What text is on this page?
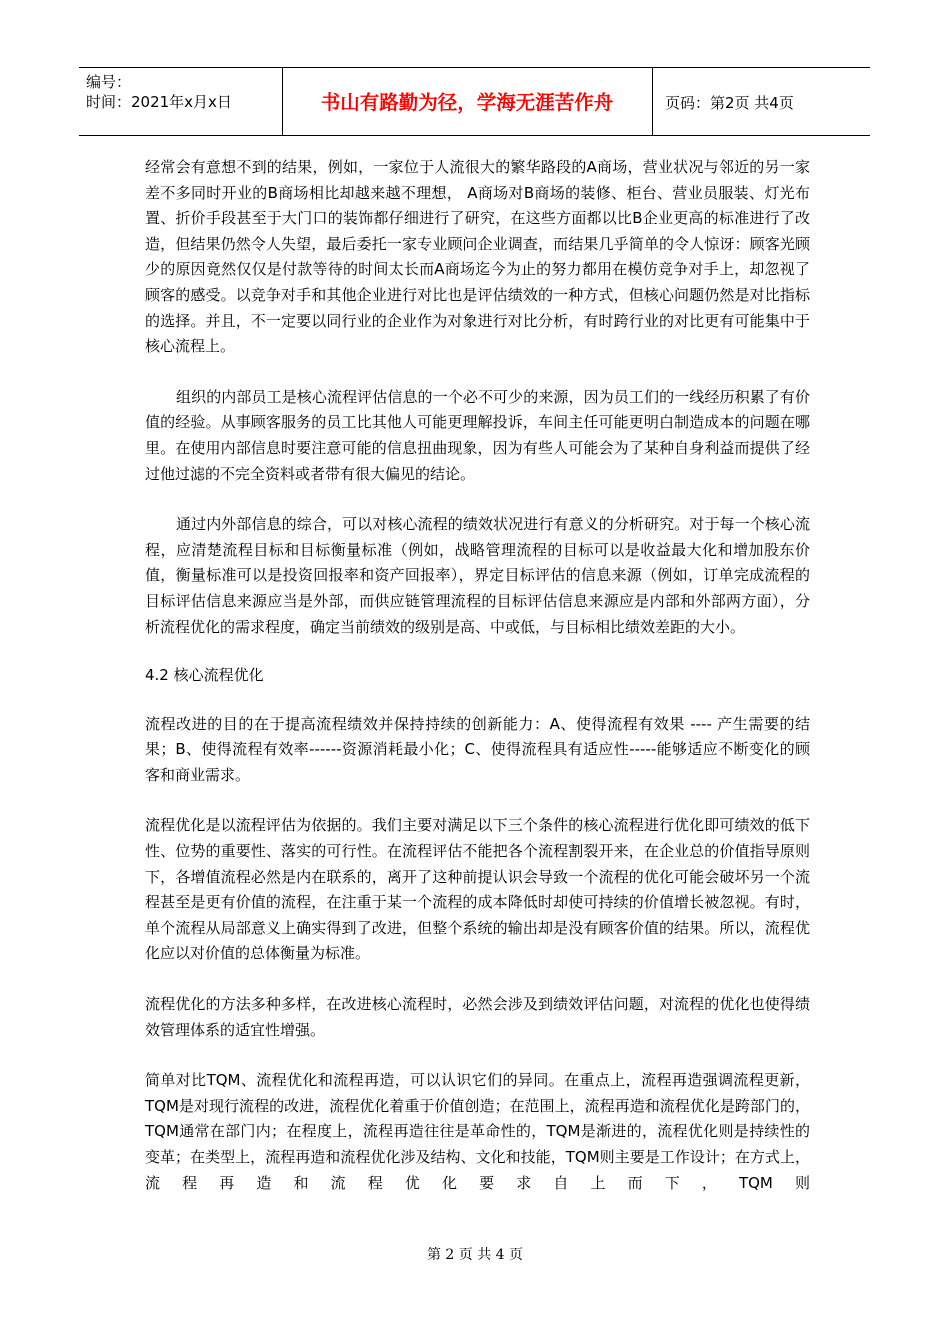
编号：
时间：2021年x月x日	书山有路勤为径，学海无涯苦作舟	页码：第2页 共4页

经常会有意想不到的结果，例如，一家位于人流很大的繁华路段的A商场，营业状况与邻近的另一家差不多同时开业的B商场相比却越来越不理想， A商场对B商场的装修、柜台、营业员服装、灯光布置、折价手段甚至于大门口的装饰都仔细进行了研究，在这些方面都以比B企业更高的标准进行了改造，但结果仍然令人失望，最后委托一家专业顾问企业调查，而结果几乎简单的令人惊讶：顾客光顾少的原因竟然仅仅是付款等待的时间太长而A商场迄今为止的努力都用在模仿竞争对手上，却忽视了顾客的感受。以竞争对手和其他企业进行对比也是评估绩效的一种方式，但核心问题仍然是对比指标的选择。并且，不一定要以同行业的企业作为对象进行对比分析，有时跨行业的对比更有可能集中于核心流程上。

组织的内部员工是核心流程评估信息的一个必不可少的来源，因为员工们的一线经历积累了有价值的经验。从事顾客服务的员工比其他人可能更理解投诉，车间主任可能更明白制造成本的问题在哪里。在使用内部信息时要注意可能的信息扭曲现象，因为有些人可能会为了某种自身利益而提供了经过他过滤的不完全资料或者带有很大偏见的结论。

通过内外部信息的综合，可以对核心流程的绩效状况进行有意义的分析研究。对于每一个核心流程，应清楚流程目标和目标衡量标准（例如，战略管理流程的目标可以是收益最大化和增加股东价值，衡量标准可以是投资回报率和资产回报率），界定目标评估的信息来源（例如，订单完成流程的目标评估信息来源应当是外部，而供应链管理流程的目标评估信息来源应是内部和外部两方面），分析流程优化的需求程度，确定当前绩效的级别是高、中或低，与目标相比绩效差距的大小。

4.2 核心流程优化

流程改进的目的在于提高流程绩效并保持持续的创新能力：A、使得流程有效果 ---- 产生需要的结果；B、使得流程有效率------资源消耗最小化；C、使得流程具有适应性-----能够适应不断变化的顾客和商业需求。

流程优化是以流程评估为依据的。我们主要对满足以下三个条件的核心流程进行优化即可绩效的低下性、位势的重要性、落实的可行性。在流程评估不能把各个流程割裂开来，在企业总的价值指导原则下，各增值流程必然是内在联系的，离开了这种前提认识会导致一个流程的优化可能会破坏另一个流程甚至是更有价值的流程，在注重于某一个流程的成本降低时却使可持续的价值增长被忽视。有时，单个流程从局部意义上确实得到了改进，但整个系统的输出却是没有顾客价值的结果。所以，流程优化应以对价值的总体衡量为标准。

流程优化的方法多种多样，在改进核心流程时，必然会涉及到绩效评估问题，对流程的优化也使得绩效管理体系的适宜性增强。

简单对比TQM、流程优化和流程再造，可以认识它们的异同。在重点上，流程再造强调流程更新，TQM是对现行流程的改进，流程优化着重于价值创造；在范围上，流程再造和流程优化是跨部门的，TQM通常在部门内；在程度上，流程再造往往是革命性的，TQM是渐进的，流程优化则是持续性的变革；在类型上，流程再造和流程优化涉及结构、文化和技能，TQM则主要是工作设计；在方式上，流程再造和流程优化要求自上而下，TQM则

第 2 页 共 4 页
